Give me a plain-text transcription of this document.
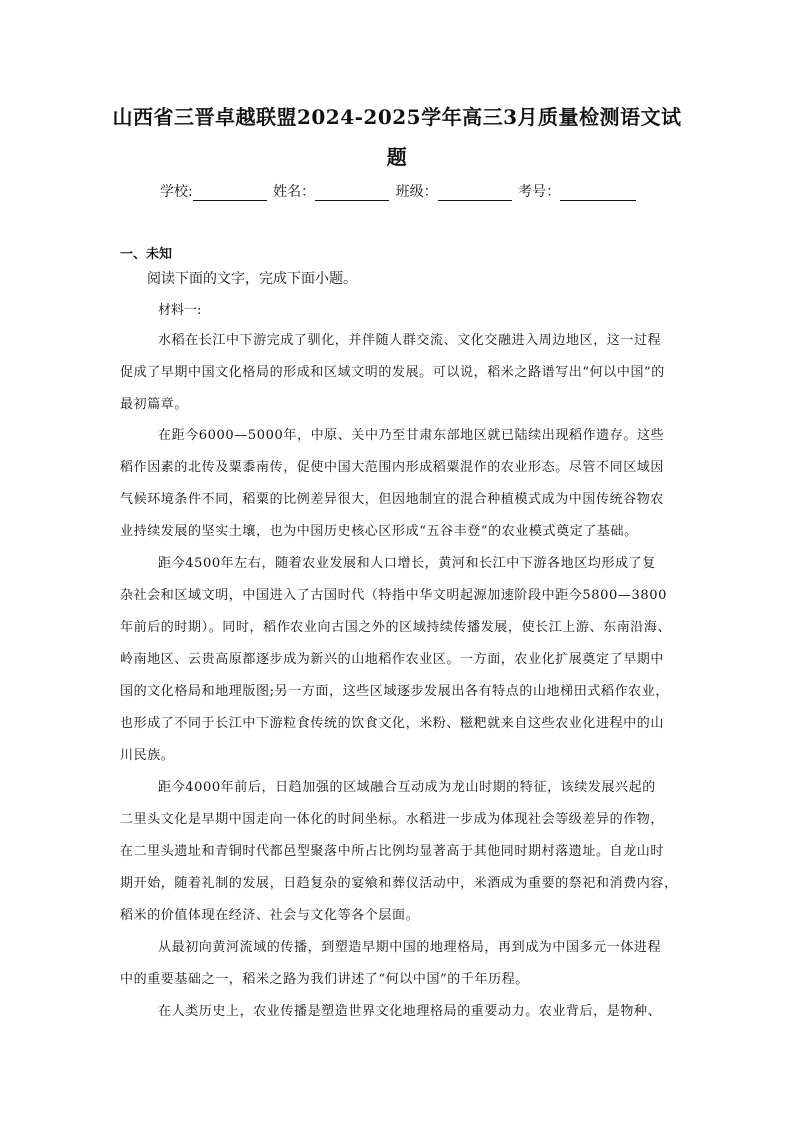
山西省三晋卓越联盟2024-2025学年高三3月质量检测语文试
题
学校:	姓名：	班级：	考号：
一、未知
阅读下面的文字，完成下面小题。
材料一:
水稻在长江中下游完成了驯化，并伴随人群交流、文化交融进入周边地区，这一过程
促成了早期中国文化格局的形成和区域文明的发展。可以说，稻米之路谱写出“何以中国”的
最初篇章。
在距今6000—5000年，中原、关中乃至甘肃东部地区就已陆续出现稻作遗存。这些
稻作因素的北传及粟黍南传，促使中国大范围内形成稻粟混作的农业形态。尽管不同区域因
气候环境条件不同，稻粟的比例差异很大，但因地制宜的混合种植模式成为中国传统谷物农
业持续发展的坚实土壤，也为中国历史核心区形成“五谷丰登”的农业模式奠定了基础。
距今4500年左右，随着农业发展和人口增长，黄河和长江中下游各地区均形成了复
杂社会和区域文明，中国进入了古国时代（特指中华文明起源加速阶段中距今5800—3800
年前后的时期）。同时，稻作农业向古国之外的区域持续传播发展，使长江上游、东南沿海、
岭南地区、云贵高原都逐步成为新兴的山地稻作农业区。一方面，农业化扩展奠定了早期中
国的文化格局和地理版图;另一方面，这些区域逐步发展出各有特点的山地梯田式稻作农业，
也形成了不同于长江中下游粒食传统的饮食文化，米粉、糍粑就来自这些农业化进程中的山
川民族。
距今4000年前后，日趋加强的区域融合互动成为龙山时期的特征，该续发展兴起的
二里头文化是早期中国走向一体化的时间坐标。水稻进一步成为体现社会等级差异的作物，
在二里头遗址和青铜时代都邑型聚落中所占比例均显著高于其他同时期村落遗址。自龙山时
期开始，随着礼制的发展，日趋复杂的宴飨和葬仪活动中，米酒成为重要的祭祀和消费内容，
稻米的价值体现在经济、社会与文化等各个层面。
从最初向黄河流域的传播，到塑造早期中国的地理格局，再到成为中国多元一体进程
中的重要基础之一，稻米之路为我们讲述了“何以中国”的千年历程。
在人类历史上，农业传播是塑造世界文化地理格局的重要动力。农业背后，是物种、
